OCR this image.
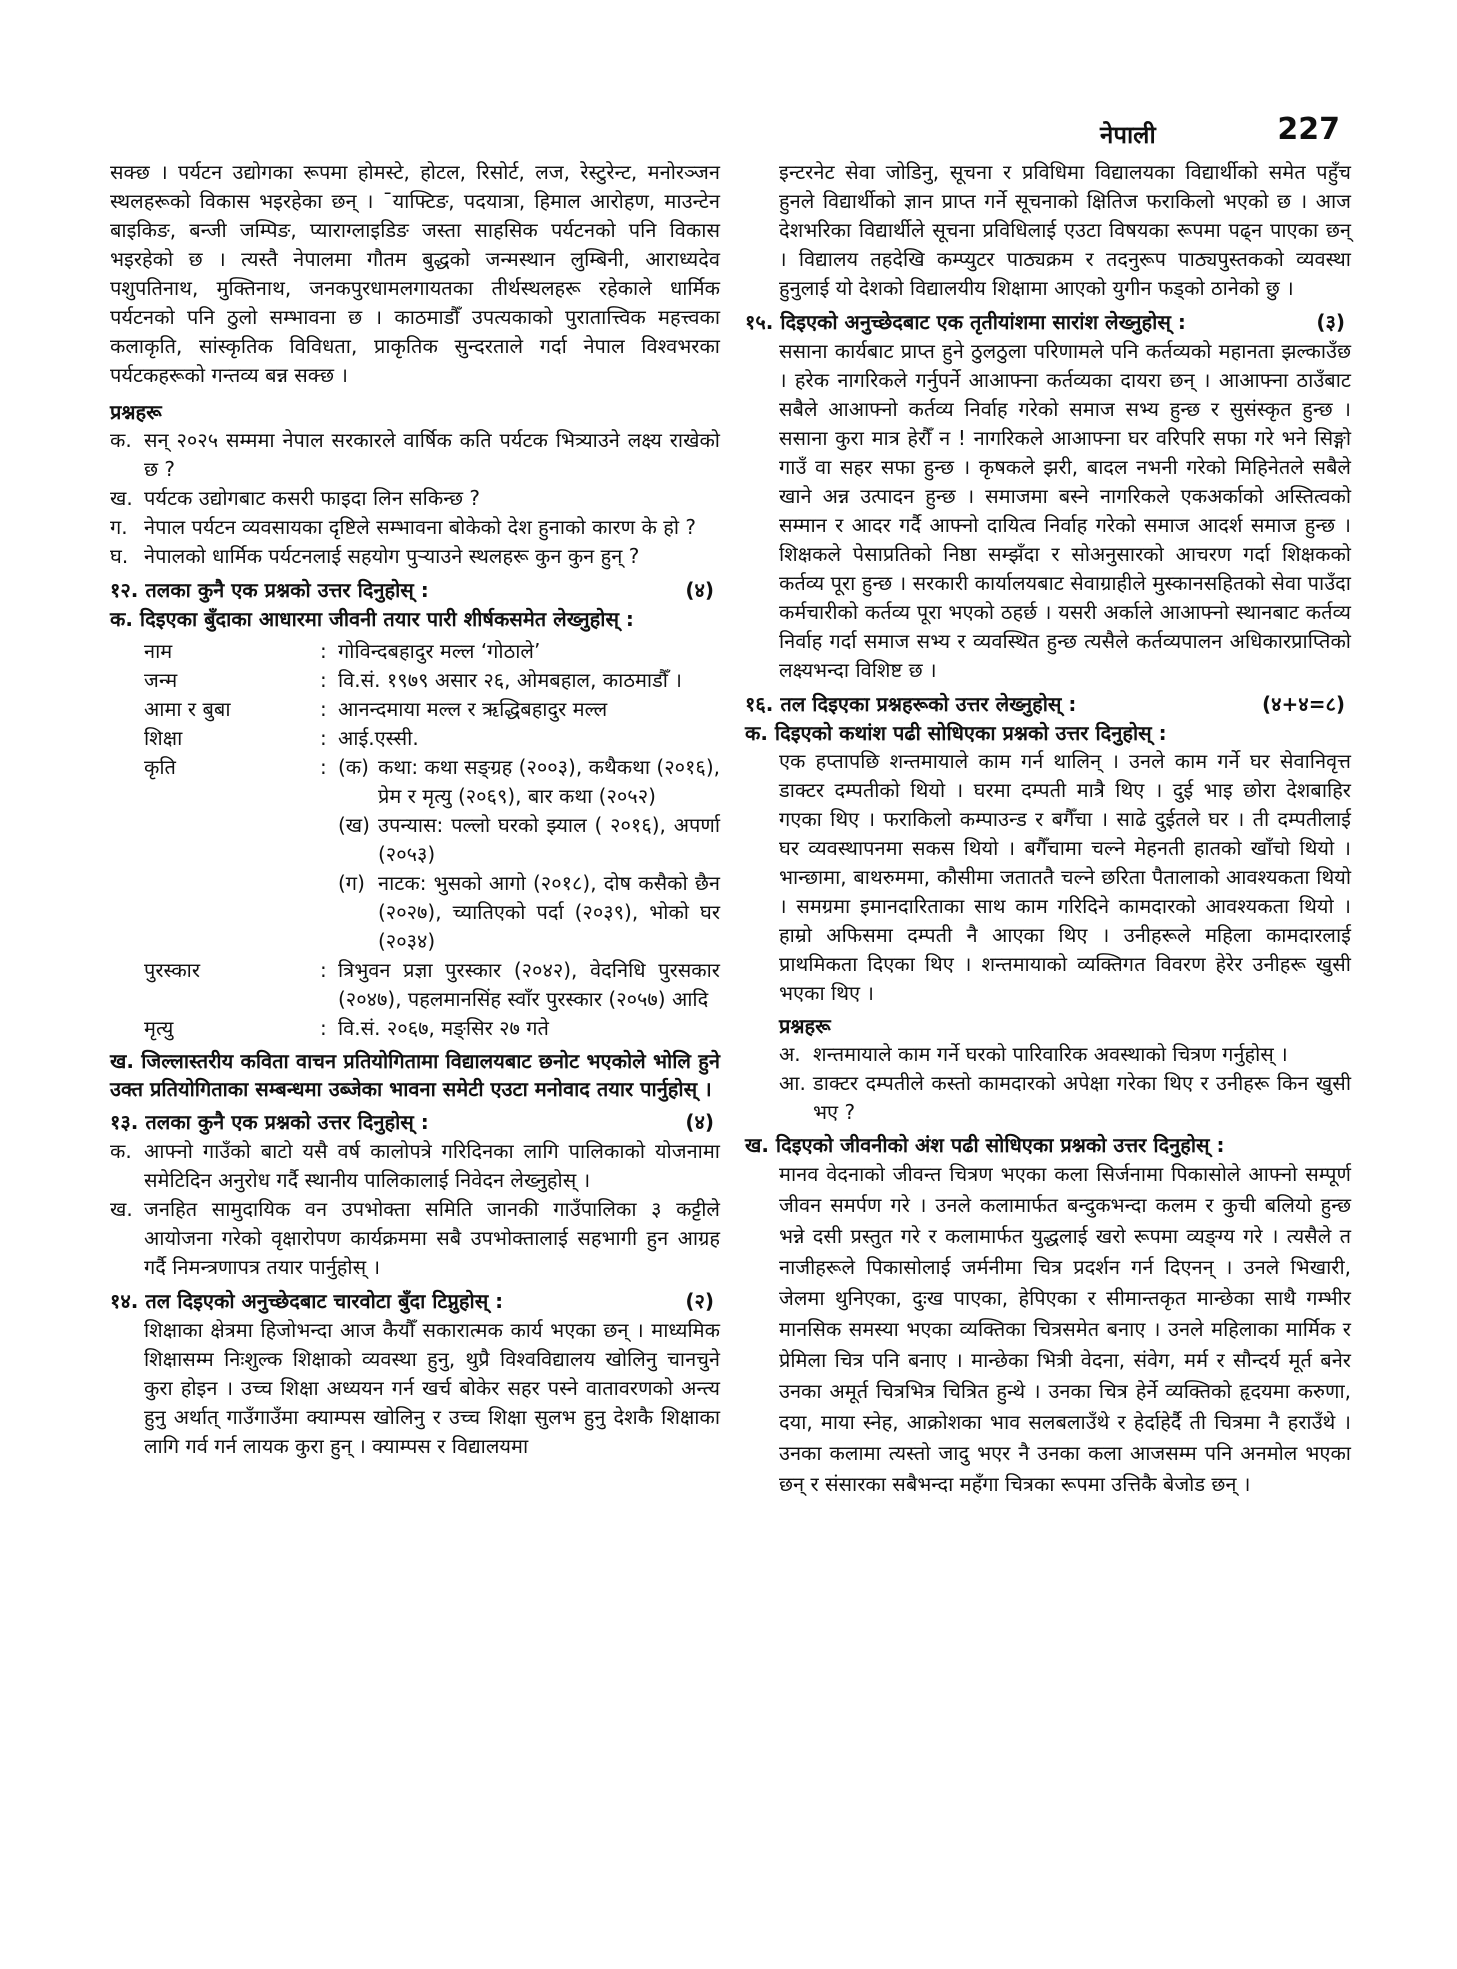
नेपाली	227

सक्छ । पर्यटन उद्योगका रूपमा होमस्टे, होटल, रिसोर्ट, लज, रेस्टुरेन्ट, मनोरञ्जन स्थलहरूको विकास भइरहेका छन् । ¯याफ्टिङ, पदयात्रा, हिमाल आरोहण, माउन्टेन बाइकिङ, बन्जी जम्पिङ, प्याराग्लाइडिङ जस्ता साहसिक पर्यटनको पनि विकास भइरहेको छ । त्यस्तै नेपालमा गौतम बुद्धको जन्मस्थान लुम्बिनी, आराध्यदेव पशुपतिनाथ, मुक्तिनाथ, जनकपुरधामलगायतका तीर्थस्थलहरू रहेकाले धार्मिक पर्यटनको पनि ठुलो सम्भावना छ । काठमाडौँ उपत्यकाको पुरातात्त्विक महत्त्वका कलाकृति, सांस्कृतिक विविधता, प्राकृतिक सुन्दरताले गर्दा नेपाल विश्वभरका पर्यटकहरूको गन्तव्य बन्न सक्छ ।

प्रश्नहरू

क. सन् २०२५ सम्ममा नेपाल सरकारले वार्षिक कति पर्यटक भित्र्याउने लक्ष्य राखेको छ ?
ख. पर्यटक उद्योगबाट कसरी फाइदा लिन सकिन्छ ?
ग. नेपाल पर्यटन व्यवसायका दृष्टिले सम्भावना बोकेको देश हुनाको कारण के हो ?
घ. नेपालको धार्मिक पर्यटनलाई सहयोग पुऱ्याउने स्थलहरू कुन कुन हुन् ?
१२. तलका कुनै एक प्रश्नको उत्तर दिनुहोस् :	(४)

क. दिइएका बुँदाका आधारमा जीवनी तयार पारी शीर्षकसमेत लेख्नुहोस् :

नाम	: गोविन्दबहादुर मल्ल ‘गोठाले’
जन्म	: वि.सं. १९७९ असार २६, ओमबहाल, काठमाडौँ ।
आमा र बुबा	: आनन्दमाया मल्ल र ऋद्धिबहादुर मल्ल
शिक्षा	: आई.एस्सी.
कृति	: (क) कथा: कथा सङ्ग्रह (२००३), कथैकथा (२०१६), प्रेम र मृत्यु (२०६९), बार कथा (२०५२)
(ख) उपन्यास: पल्लो घरको झ्याल ( २०१६), अपर्णा (२०५३)
(ग) नाटक: भुसको आगो (२०१८), दोष कसैको छैन (२०२७), च्यातिएको पर्दा (२०३९), भोको घर (२०३४)
पुरस्कार	: त्रिभुवन प्रज्ञा पुरस्कार (२०४२), वेदनिधि पुरसकार (२०४७), पहलमानसिंह स्वाँर पुरस्कार (२०५७) आदि
मृत्यु	: वि.सं. २०६७, मङ्सिर २७ गते

ख. जिल्लास्तरीय कविता वाचन प्रतियोगितामा विद्यालयबाट छनोट भएकोले भोलि हुने उक्त प्रतियोगिताका सम्बन्धमा उब्जेका भावना समेटी एउटा मनोवाद तयार पार्नुहोस् ।

१३. तलका कुनै एक प्रश्नको उत्तर दिनुहोस् :	(४)
क. आफ्नो गाउँको बाटो यसै वर्ष कालोपत्रे गरिदिनका लागि पालिकाको योजनामा समेटिदिन अनुरोध गर्दै स्थानीय पालिकालाई निवेदन लेख्नुहोस् ।
ख. जनहित सामुदायिक वन उपभोक्ता समिति जानकी गाउँपालिका ३ कट्टीले आयोजना गरेको वृक्षारोपण कार्यक्रममा सबै उपभोक्तालाई सहभागी हुन आग्रह गर्दै निमन्त्रणापत्र तयार पार्नुहोस् ।
१४. तल दिइएको अनुच्छेदबाट चारवोटा बुँदा टिप्नुहोस् :	(२)

शिक्षाका क्षेत्रमा हिजोभन्दा आज कैयौँ सकारात्मक कार्य भएका छन् । माध्यमिक शिक्षासम्म निःशुल्क शिक्षाको व्यवस्था हुनु, थुप्रै विश्वविद्यालय खोलिनु चानचुने कुरा होइन । उच्च शिक्षा अध्ययन गर्न खर्च बोकेर सहर पस्ने वातावरणको अन्त्य हुनु अर्थात् गाउँगाउँमा क्याम्पस खोलिनु र उच्च शिक्षा सुलभ हुनु देशकै शिक्षाका लागि गर्व गर्न लायक कुरा हुन् । क्याम्पस र विद्यालयमा

इन्टरनेट सेवा जोडिनु, सूचना र प्रविधिमा विद्यालयका विद्यार्थीको समेत पहुँच हुनले विद्यार्थीको ज्ञान प्राप्त गर्ने सूचनाको क्षितिज फराकिलो भएको छ । आज देशभरिका विद्यार्थीले सूचना प्रविधिलाई एउटा विषयका रूपमा पढ्न पाएका छन् । विद्यालय तहदेखि कम्प्युटर पाठ्यक्रम र तदनुरूप पाठ्यपुस्तकको व्यवस्था हुनुलाई यो देशको विद्यालयीय शिक्षामा आएको युगीन फड्को ठानेको छु ।

१५. दिइएको अनुच्छेदबाट एक तृतीयांशमा सारांश लेख्नुहोस् :	(३)

ससाना कार्यबाट प्राप्त हुने ठुलठुला परिणामले पनि कर्तव्यको महानता झल्काउँछ । हरेक नागरिकले गर्नुपर्ने आआफ्ना कर्तव्यका दायरा छन् । आआफ्ना ठाउँबाट सबैले आआफ्नो कर्तव्य निर्वाह गरेको समाज सभ्य हुन्छ र सुसंस्कृत हुन्छ । ससाना कुरा मात्र हेरौँ न ! नागरिकले आआफ्ना घर वरिपरि सफा गरे भने सिङ्गो गाउँ वा सहर सफा हुन्छ । कृषकले झरी, बादल नभनी गरेको मिहिनेतले सबैले खाने अन्न उत्पादन हुन्छ । समाजमा बस्ने नागरिकले एकअर्काको अस्तित्वको सम्मान र आदर गर्दै आफ्नो दायित्व निर्वाह गरेको समाज आदर्श समाज हुन्छ । शिक्षकले पेसाप्रतिको निष्ठा सम्झँदा र सोअनुसारको आचरण गर्दा शिक्षकको कर्तव्य पूरा हुन्छ । सरकारी कार्यालयबाट सेवाग्राहीले मुस्कानसहितको सेवा पाउँदा कर्मचारीको कर्तव्य पूरा भएको ठहर्छ । यसरी अर्काले आआफ्नो स्थानबाट कर्तव्य निर्वाह गर्दा समाज सभ्य र व्यवस्थित हुन्छ त्यसैले कर्तव्यपालन अधिकारप्राप्तिको लक्ष्यभन्दा विशिष्ट छ ।

१६. तल दिइएका प्रश्नहरूको उत्तर लेख्नुहोस् :	(४+४=८)

क. दिइएको कथांश पढी सोधिएका प्रश्नको उत्तर दिनुहोस् :

एक हप्तापछि शन्तमायाले काम गर्न थालिन् । उनले काम गर्ने घर सेवानिवृत्त डाक्टर दम्पतीको थियो । घरमा दम्पती मात्रै थिए । दुई भाइ छोरा देशबाहिर गएका थिए । फराकिलो कम्पाउन्ड र बगैँचा । साढे दुईतले घर । ती दम्पतीलाई घर व्यवस्थापनमा सकस थियो । बगैँचामा चल्ने मेहनती हातको खाँचो थियो । भान्छामा, बाथरुममा, कौसीमा जताततै चल्ने छरिता पैतालाको आवश्यकता थियो । समग्रमा इमानदारिताका साथ काम गरिदिने कामदारको आवश्यकता थियो । हाम्रो अफिसमा दम्पती नै आएका थिए । उनीहरूले महिला कामदारलाई प्राथमिकता दिएका थिए । शन्तमायाको व्यक्तिगत विवरण हेरेर उनीहरू खुसी भएका थिए ।

प्रश्नहरू

अ. शन्तमायाले काम गर्ने घरको पारिवारिक अवस्थाको चित्रण गर्नुहोस् ।
आ. डाक्टर दम्पतीले कस्तो कामदारको अपेक्षा गरेका थिए र उनीहरू किन खुसी भए ?

ख. दिइएको जीवनीको अंश पढी सोधिएका प्रश्नको उत्तर दिनुहोस् :

मानव वेदनाको जीवन्त चित्रण भएका कला सिर्जनामा पिकासोले आफ्नो सम्पूर्ण जीवन समर्पण गरे । उनले कलामार्फत बन्दुकभन्दा कलम र कुची बलियो हुन्छ भन्ने दसी प्रस्तुत गरे र कलामार्फत युद्धलाई खरो रूपमा व्यङ्ग्य गरे । त्यसैले त नाजीहरूले पिकासोलाई जर्मनीमा चित्र प्रदर्शन गर्न दिएनन् । उनले भिखारी, जेलमा थुनिएका, दुःख पाएका, हेपिएका र सीमान्तकृत मान्छेका साथै गम्भीर मानसिक समस्या भएका व्यक्तिका चित्रसमेत बनाए । उनले महिलाका मार्मिक र प्रेमिला चित्र पनि बनाए । मान्छेका भित्री वेदना, संवेग, मर्म र सौन्दर्य मूर्त बनेर उनका अमूर्त चित्रभित्र चित्रित हुन्थे । उनका चित्र हेर्ने व्यक्तिको हृदयमा करुणा, दया, माया स्नेह, आक्रोशका भाव सलबलाउँथे र हेर्दाहेर्दै ती चित्रमा नै हराउँथे । उनका कलामा त्यस्तो जादु भएर नै उनका कला आजसम्म पनि अनमोल भएका छन् र संसारका सबैभन्दा महँगा चित्रका रूपमा उत्तिकै बेजोड छन् ।
